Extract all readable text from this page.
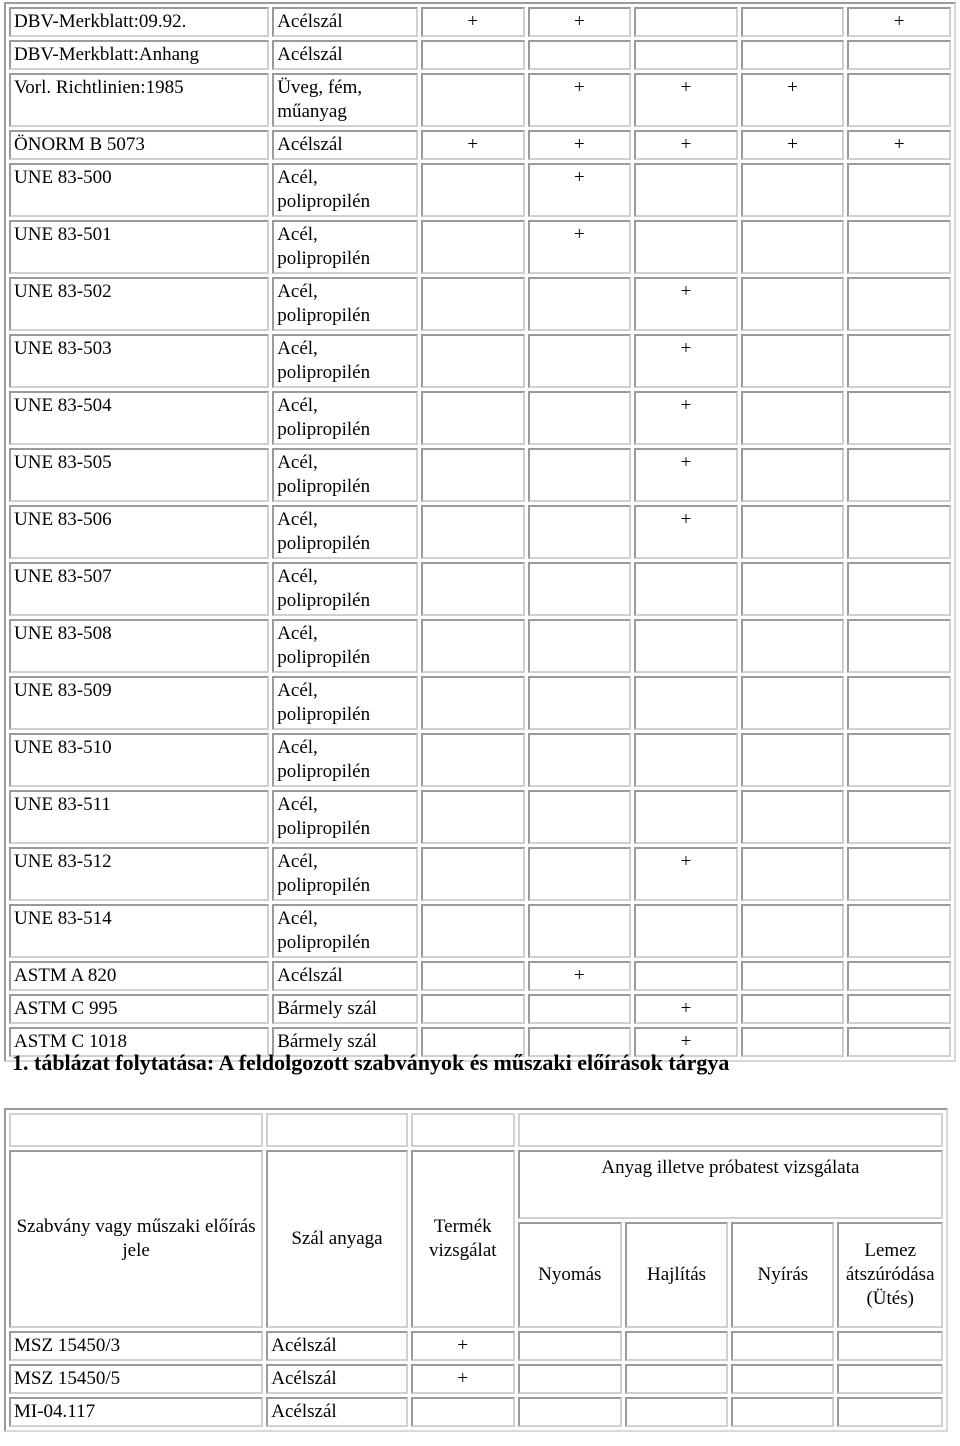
DBV-Merkblatt:09.92.	Acélszál	+	+			+
DBV-Merkblatt:Anhang	Acélszál					
Vorl. Richtlinien:1985	Üveg, fém, műanyag		+	+	+	
ÖNORM B 5073	Acélszál	+	+	+	+	+
UNE 83-500	Acél, polipropilén		+			
UNE 83-501	Acél, polipropilén		+			
UNE 83-502	Acél, polipropilén			+		
UNE 83-503	Acél, polipropilén			+		
UNE 83-504	Acél, polipropilén			+		
UNE 83-505	Acél, polipropilén			+		
UNE 83-506	Acél, polipropilén			+		
UNE 83-507	Acél, polipropilén					
UNE 83-508	Acél, polipropilén					
UNE 83-509	Acél, polipropilén					
UNE 83-510	Acél, polipropilén					
UNE 83-511	Acél, polipropilén					
UNE 83-512	Acél, polipropilén			+		
UNE 83-514	Acél, polipropilén					
ASTM A 820	Acélszál		+			
ASTM C 995	Bármely szál			+		
ASTM C 1018	Bármely szál			+		
1. táblázat folytatása: A feldolgozott szabványok és műszaki előírások tárgya

Szabvány vagy műszaki előírás jele	Szál anyaga	Termék vizsgálat	Anyag illetve próbatest vizsgálata			
			Nyomás	Hajlítás	Nyírás	Lemez átszúródása (Ütés)
MSZ 15450/3	Acélszál	+				
MSZ 15450/5	Acélszál	+				
MI-04.117	Acélszál					
